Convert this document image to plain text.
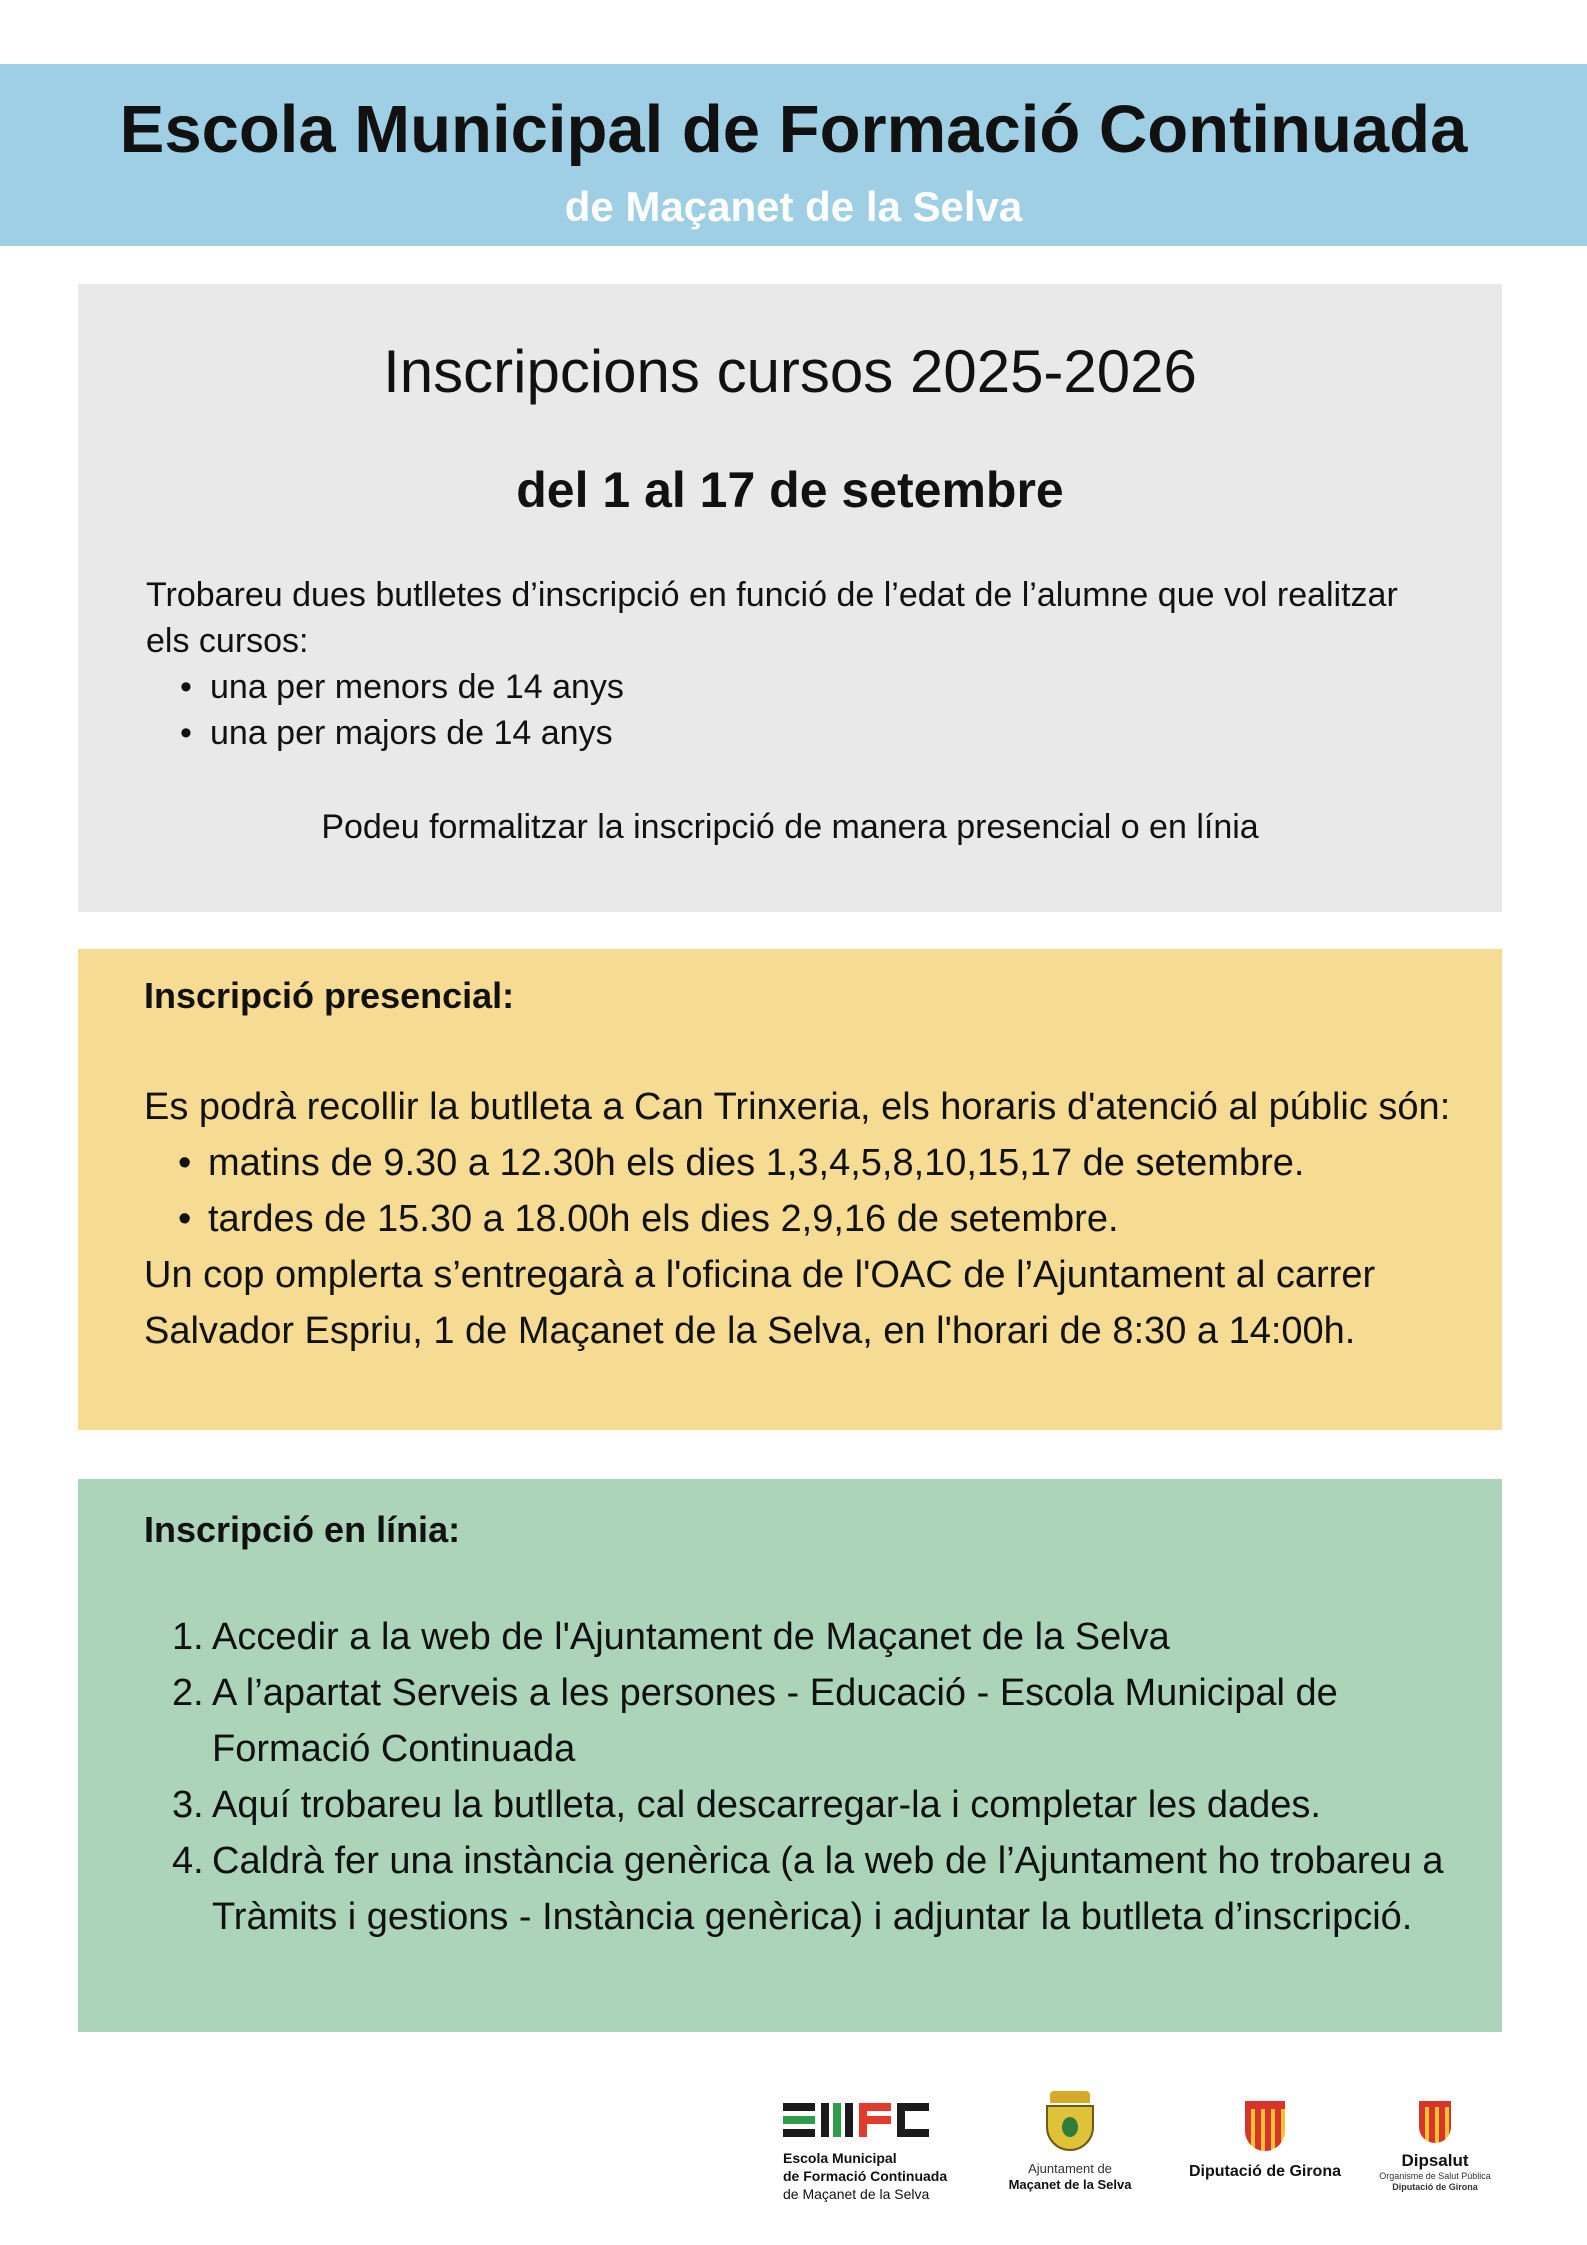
Escola Municipal de Formació Continuada
de Maçanet de la Selva
Inscripcions cursos 2025-2026
del 1 al 17 de setembre

Trobareu dues butlletes d’inscripció en funció de l’edat de l’alumne que vol realitzar els cursos:

• una per menors de 14 anys
• una per majors de 14 anys
Podeu formalitzar la inscripció de manera presencial o en línia
Inscripció presencial:

Es podrà recollir la butlleta a Can Trinxeria, els horaris d'atenció al públic són:

• matins de 9.30 a 12.30h els dies 1,3,4,5,8,10,15,17 de setembre.
• tardes de 15.30 a 18.00h els dies 2,9,16 de setembre.

Un cop omplerta s’entregarà a l'oficina de l'OAC de l’Ajuntament al carrer Salvador Espriu, 1 de Maçanet de la Selva, en l'horari de 8:30 a 14:00h.

Inscripció en línia:
1. Accedir a la web de l'Ajuntament de Maçanet de la Selva
2. A l’apartat Serveis a les persones - Educació - Escola Municipal de Formació Continuada
3. Aquí trobareu la butlleta, cal descarregar-la i completar les dades.
4. Caldrà fer una instància genèrica (a la web de l’Ajuntament ho trobareu a Tràmits i gestions - Instància genèrica) i adjuntar la butlleta d’inscripció.
Escola Municipal
de Formació Continuada
de Maçanet de la Selva
Ajuntament de
Maçanet de la Selva
Diputació de Girona
Dipsalut
Organisme de Salut Pública
Diputació de Girona
